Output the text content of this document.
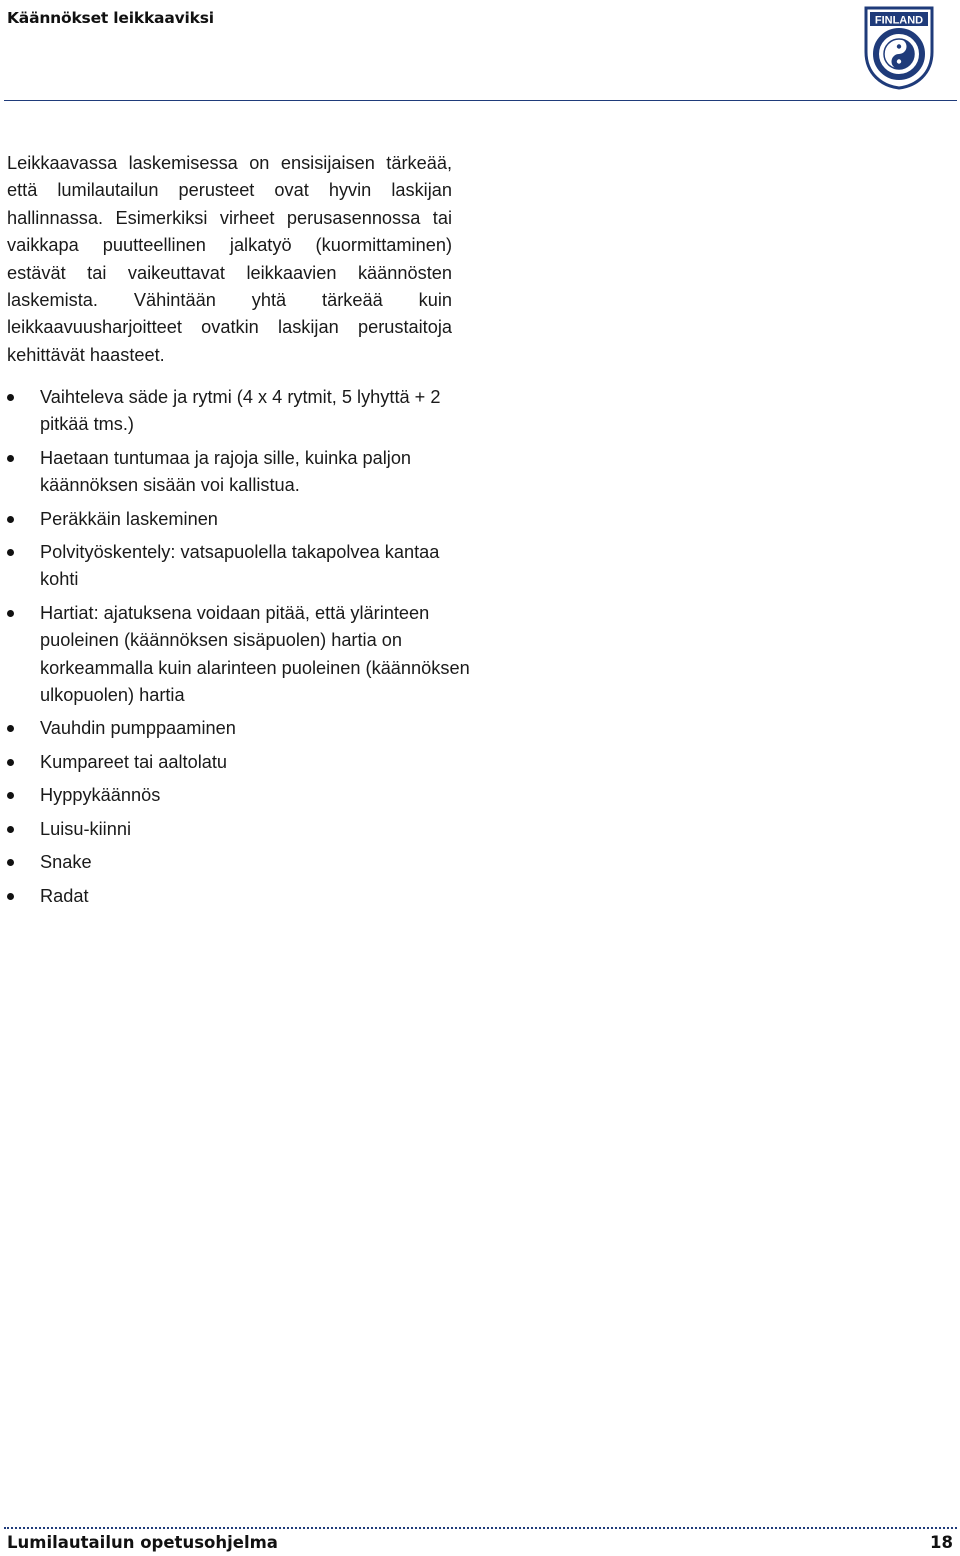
Käännökset leikkaaviksi	FINLAND

Leikkaavassa laskemisessa on ensisijaisen tärkeää, että lumilautailun perusteet ovat hyvin laskijan hallinnassa. Esimerkiksi virheet perusasennossa tai vaikkapa puutteellinen jalkatyö (kuormittaminen) estävät tai vaikeuttavat leikkaavien käännösten laskemista. Vähintään yhtä tärkeää kuin leikkaavuusharjoitteet ovatkin laskijan perustaitoja kehittävät haasteet.

Vaihteleva säde ja rytmi (4 x 4 rytmit, 5 lyhyttä + 2 pitkää tms.)
Haetaan tuntumaa ja rajoja sille, kuinka paljon käännöksen sisään voi kallistua.
Peräkkäin laskeminen
Polvityöskentely: vatsapuolella takapolvea kantaa kohti
Hartiat: ajatuksena voidaan pitää, että ylärinteen puoleinen (käännöksen sisäpuolen) hartia on korkeammalla kuin alarinteen puoleinen (käännöksen ulkopuolen) hartia
Vauhdin pumppaaminen
Kumpareet tai aaltolatu
Hyppykäännös
Luisu-kiinni
Snake
Radat
Lumilautailun opetusohjelma	18
